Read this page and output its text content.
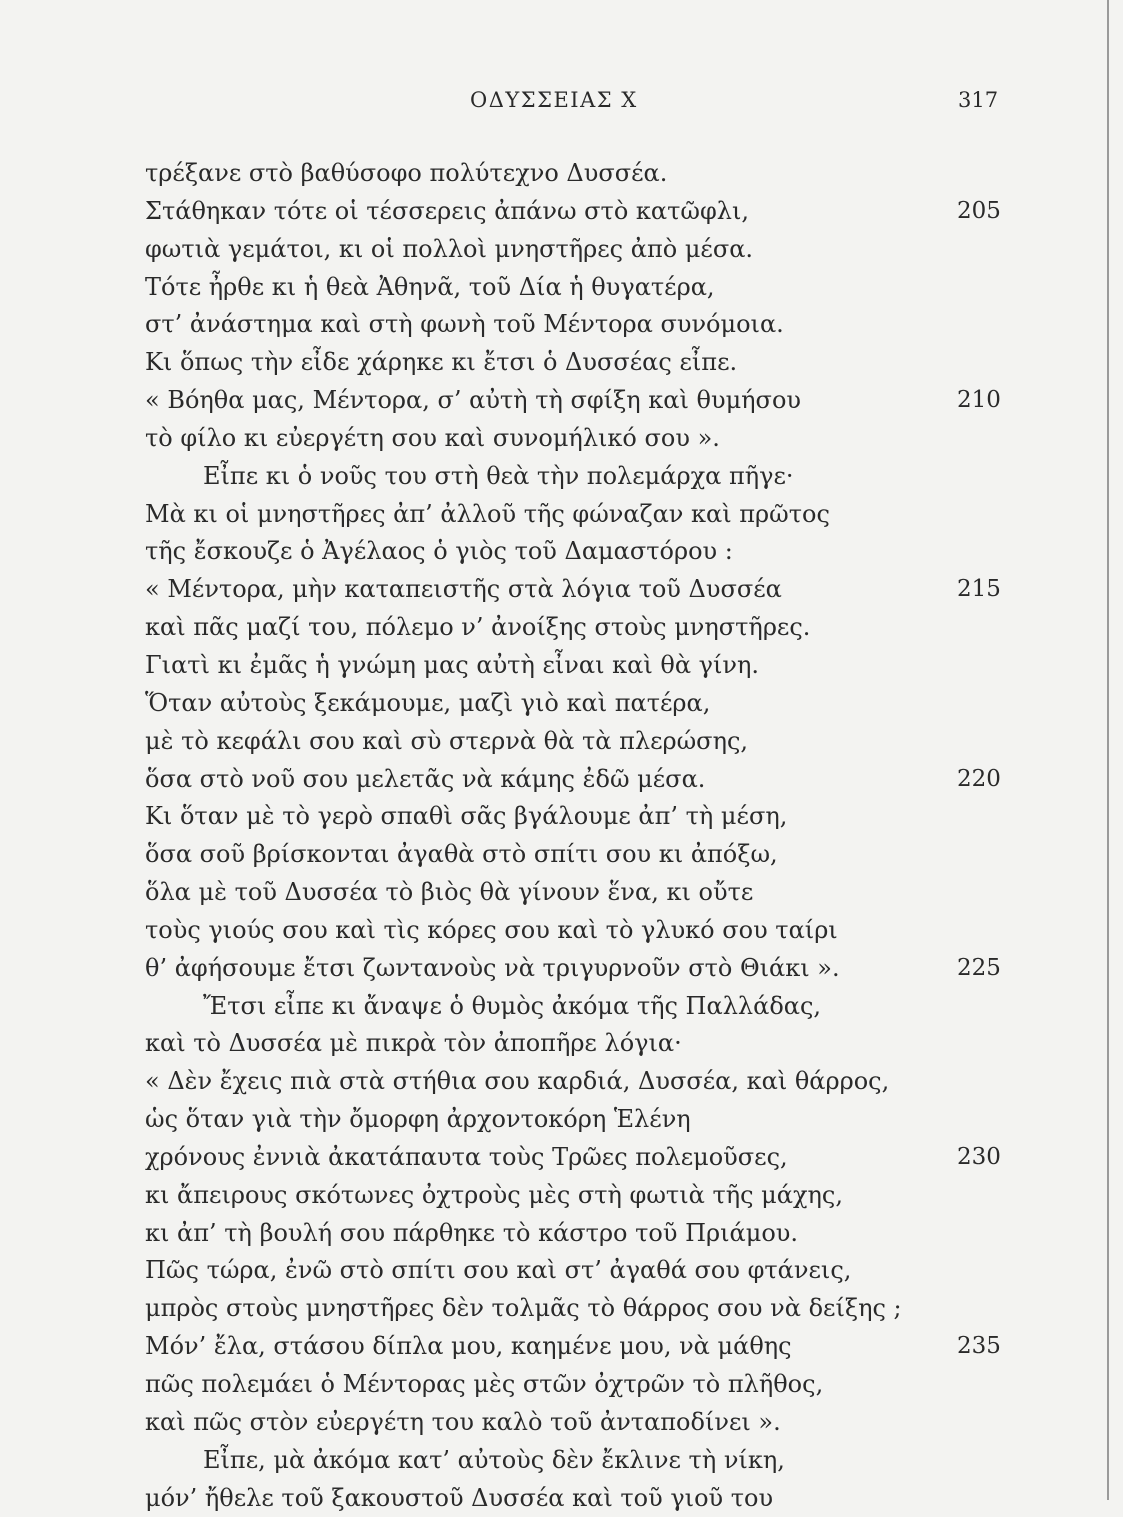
ΟΔΥΣΣΕΙΑΣ Χ	317
τρέξανε στὸ βαθύσοφο πολύτεχνο Δυσσέα.
Στάθηκαν τότε οἱ τέσσερεις ἀπάνω στὸ κατῶφλι,	205
φωτιὰ γεμάτοι, κι οἱ πολλοὶ μνηστῆρες ἀπὸ μέσα.
Τότε ἦρθε κι ἡ θεὰ Ἀθηνᾶ, τοῦ Δία ἡ θυγατέρα,
στ’ ἀνάστημα καὶ στὴ φωνὴ τοῦ Μέντορα συνόμοια.
Κι ὅπως τὴν εἶδε χάρηκε κι ἔτσι ὁ Δυσσέας εἶπε.
« Βόηθα μας, Μέντορα, σ’ αὐτὴ τὴ σφίξη καὶ θυμήσου	210
τὸ φίλο κι εὐεργέτη σου καὶ συνομήλικό σου ».
Εἶπε κι ὁ νοῦς του στὴ θεὰ τὴν πολεμάρχα πῆγε·
Μὰ κι οἱ μνηστῆρες ἀπ’ ἀλλοῦ τῆς φώναζαν καὶ πρῶτος
τῆς ἔσκουζε ὁ Ἀγέλαος ὁ γιὸς τοῦ Δαμαστόρου :
« Μέντορα, μὴν καταπειστῆς στὰ λόγια τοῦ Δυσσέα	215
καὶ πᾶς μαζί του, πόλεμο ν’ ἀνοίξης στοὺς μνηστῆρες.
Γιατὶ κι ἐμᾶς ἡ γνώμη μας αὐτὴ εἶναι καὶ θὰ γίνη.
Ὅταν αὐτοὺς ξεκάμουμε, μαζὶ γιὸ καὶ πατέρα,
μὲ τὸ κεφάλι σου καὶ σὺ στερνὰ θὰ τὰ πλερώσης,
ὅσα στὸ νοῦ σου μελετᾶς νὰ κάμης ἐδῶ μέσα.	220
Κι ὅταν μὲ τὸ γερὸ σπαθὶ σᾶς βγάλουμε ἀπ’ τὴ μέση,
ὅσα σοῦ βρίσκονται ἀγαθὰ στὸ σπίτι σου κι ἀπόξω,
ὅλα μὲ τοῦ Δυσσέα τὸ βιὸς θὰ γίνουν ἕνα, κι οὔτε
τοὺς γιούς σου καὶ τὶς κόρες σου καὶ τὸ γλυκό σου ταίρι
θ’ ἀφήσουμε ἔτσι ζωντανοὺς νὰ τριγυρνοῦν στὸ Θιάκι ».	225
Ἔτσι εἶπε κι ἄναψε ὁ θυμὸς ἀκόμα τῆς Παλλάδας,
καὶ τὸ Δυσσέα μὲ πικρὰ τὸν ἀποπῆρε λόγια·
« Δὲν ἔχεις πιὰ στὰ στήθια σου καρδιά, Δυσσέα, καὶ θάρρος,
ὡς ὅταν γιὰ τὴν ὄμορφη ἀρχοντοκόρη Ἑλένη
χρόνους ἐννιὰ ἀκατάπαυτα τοὺς Τρῶες πολεμοῦσες,	230
κι ἄπειρους σκότωνες ὀχτροὺς μὲς στὴ φωτιὰ τῆς μάχης,
κι ἀπ’ τὴ βουλή σου πάρθηκε τὸ κάστρο τοῦ Πριάμου.
Πῶς τώρα, ἐνῶ στὸ σπίτι σου καὶ στ’ ἀγαθά σου φτάνεις,
μπρὸς στοὺς μνηστῆρες δὲν τολμᾶς τὸ θάρρος σου νὰ δείξης ;
Μόν’ ἔλα, στάσου δίπλα μου, καημένε μου, νὰ μάθης	235
πῶς πολεμάει ὁ Μέντορας μὲς στῶν ὀχτρῶν τὸ πλῆθος,
καὶ πῶς στὸν εὐεργέτη του καλὸ τοῦ ἀνταποδίνει ».
Εἶπε, μὰ ἀκόμα κατ’ αὐτοὺς δὲν ἔκλινε τὴ νίκη,
μόν’ ἤθελε τοῦ ξακουστοῦ Δυσσέα καὶ τοῦ γιοῦ του
